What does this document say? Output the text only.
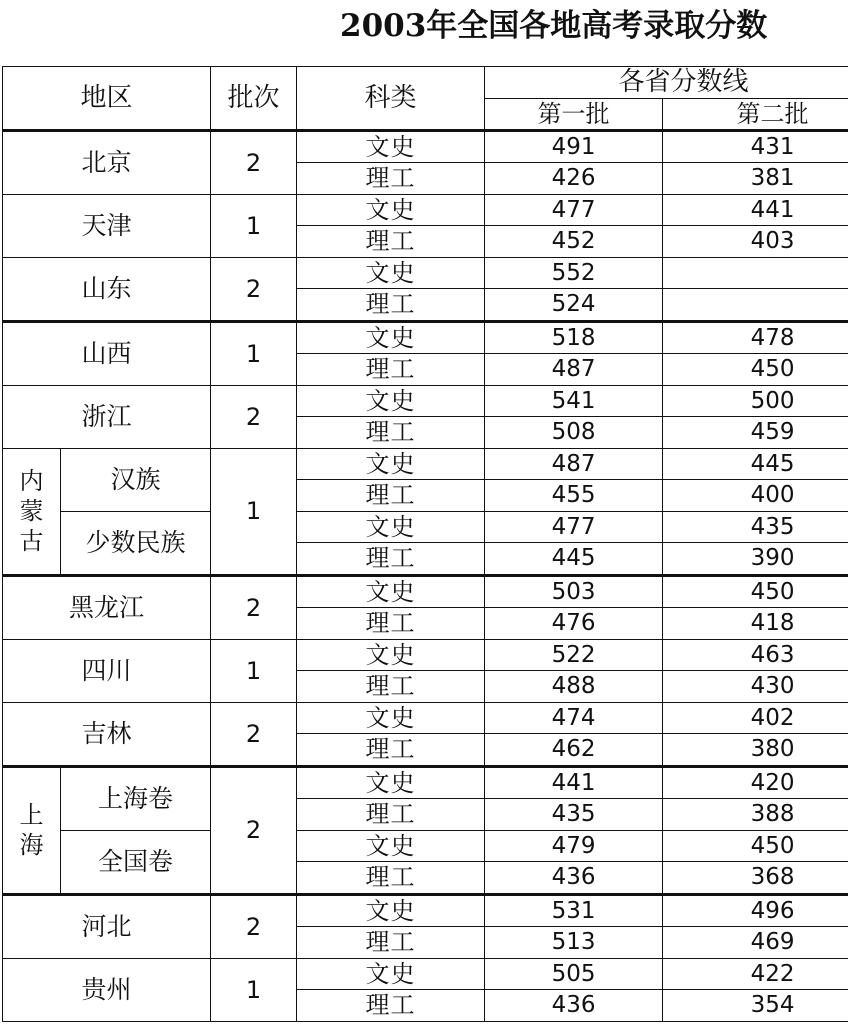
2003年全国各地高考录取分数
地区		批次	科类	各省分数线	
				第一批	第二批
北京		2	文史	491	431
			理工	426	381
天津		1	文史	477	441
			理工	452	403
山东		2	文史	552	
			理工	524	
山西		1	文史	518	478
			理工	487	450
浙江		2	文史	541	500
			理工	508	459

内
蒙
古	汉族	1	文史	487	445
			理工	455	400
	少数民族		文史	477	435
			理工	445	390
黑龙江		2	文史	503	450
			理工	476	418
四川		1	文史	522	463
			理工	488	430
吉林		2	文史	474	402
			理工	462	380

上
海	上海卷	2	文史	441	420
			理工	435	388
	全国卷		文史	479	450
			理工	436	368
河北		2	文史	531	496
			理工	513	469
贵州		1	文史	505	422
			理工	436	354
